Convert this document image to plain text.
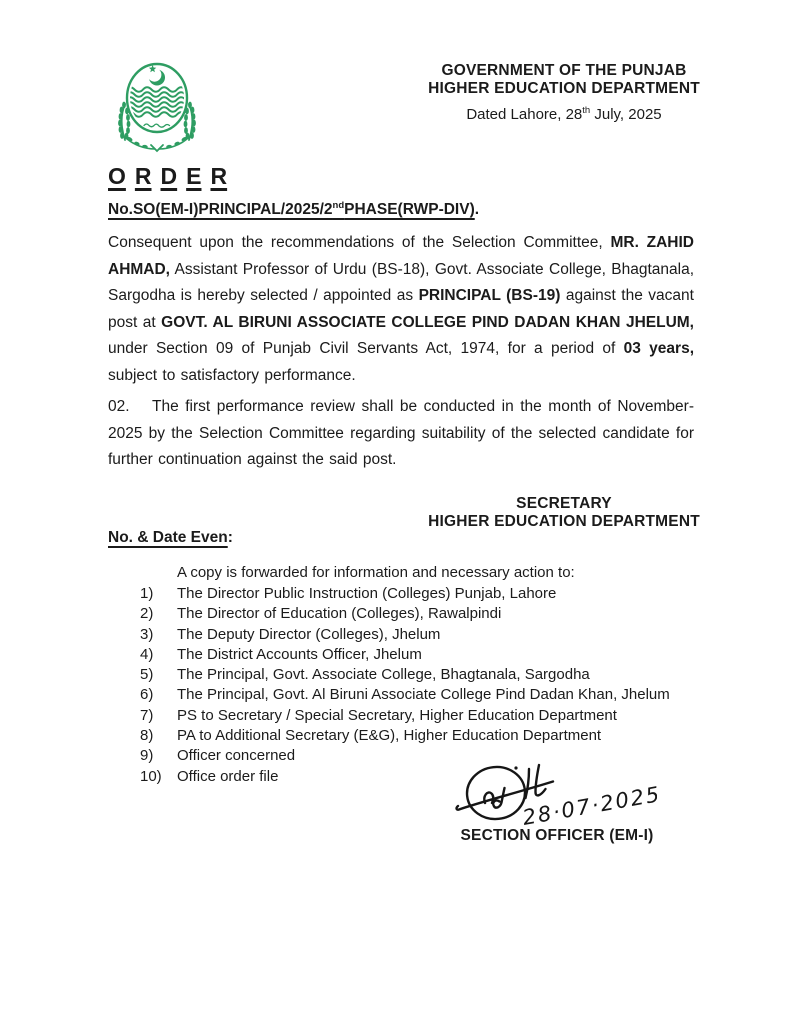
GOVERNMENT OF THE PUNJAB
HIGHER EDUCATION DEPARTMENT
Dated Lahore, 28th July, 2025
O R D E R
No.SO(EM-I)PRINCIPAL/2025/2ndPHASE(RWP-DIV).
Consequent upon the recommendations of the Selection Committee, MR. ZAHID AHMAD, Assistant Professor of Urdu (BS-18), Govt. Associate College, Bhagtanala, Sargodha is hereby selected / appointed as PRINCIPAL (BS-19) against the vacant post at GOVT. AL BIRUNI ASSOCIATE COLLEGE PIND DADAN KHAN JHELUM, under Section 09 of Punjab Civil Servants Act, 1974, for a period of 03 years, subject to satisfactory performance.
02. The first performance review shall be conducted in the month of November-2025 by the Selection Committee regarding suitability of the selected candidate for further continuation against the said post.
SECRETARY
HIGHER EDUCATION DEPARTMENT
No. & Date Even:
A copy is forwarded for information and necessary action to:
1)	The Director Public Instruction (Colleges) Punjab, Lahore
2)	The Director of Education (Colleges), Rawalpindi
3)	The Deputy Director (Colleges), Jhelum
4)	The District Accounts Officer, Jhelum
5)	The Principal, Govt. Associate College, Bhagtanala, Sargodha
6)	The Principal, Govt. Al Biruni Associate College Pind Dadan Khan, Jhelum
7)	PS to Secretary / Special Secretary, Higher Education Department
8)	PA to Additional Secretary (E&G), Higher Education Department
9)	Officer concerned
10)	Office order file
28·07·2025
SECTION OFFICER (EM-I)
